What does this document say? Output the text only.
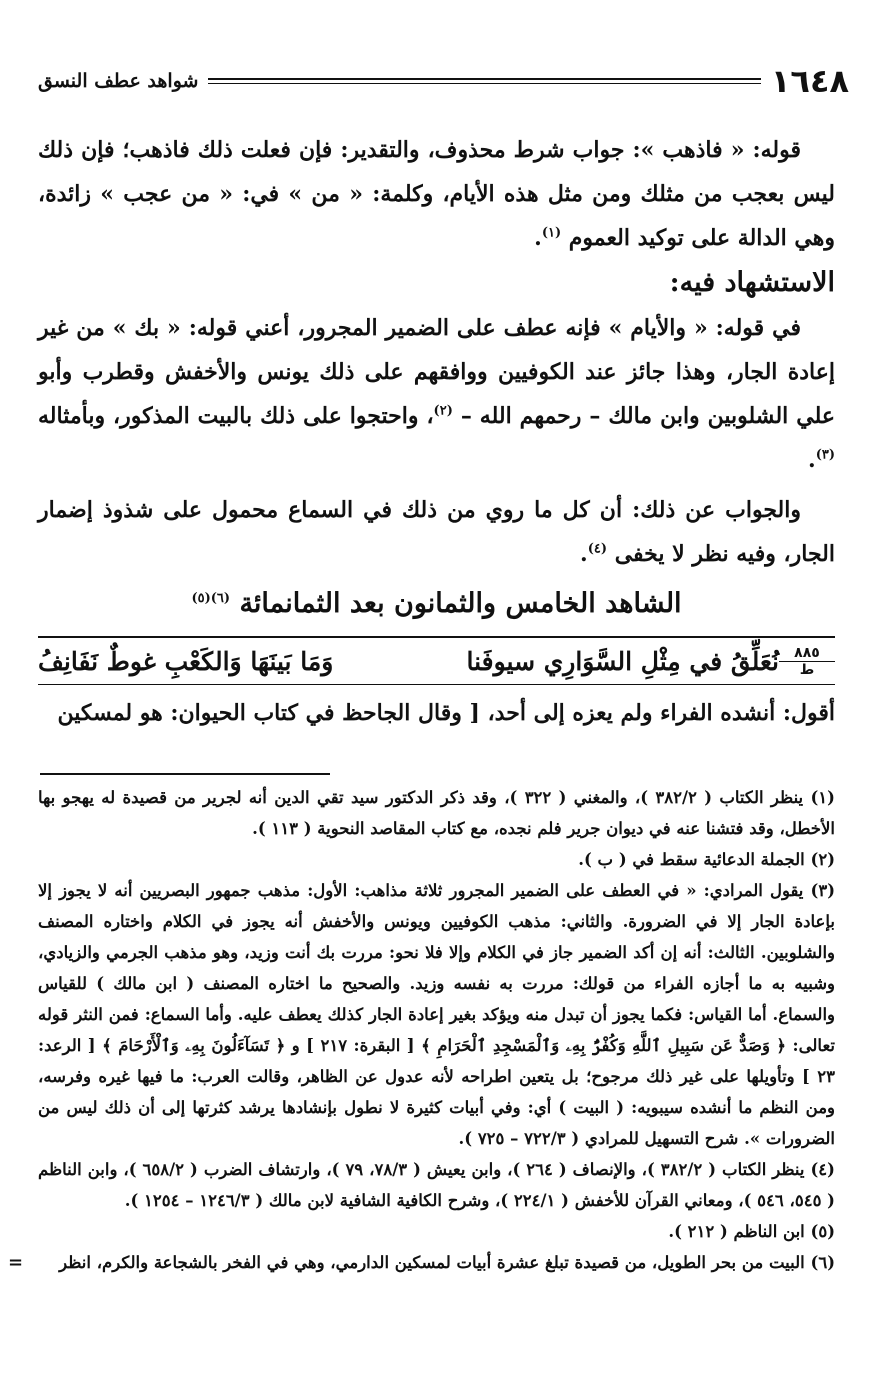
١٦٤٨
شواهد عطف النسق

قوله: « فاذهب »: جواب شرط محذوف، والتقدير: فإن فعلت ذلك فاذهب؛ فإن ذلك ليس بعجب من مثلك ومن مثل هذه الأيام، وكلمة: « من » في: « من عجب » زائدة، وهي الدالة على توكيد العموم $^{(١)}$.

الاستشهاد فيه:

في قوله: « والأيام » فإنه عطف على الضمير المجرور، أعني قوله: « بك » من غير إعادة الجار، وهذا جائز عند الكوفيين ووافقهم على ذلك يونس والأخفش وقطرب وأبو علي الشلوبين وابن مالك – رحمهم الله – $^{(٢)}$، واحتجوا على ذلك بالبيت المذكور، وبأمثاله $^{(٣)}$.

والجواب عن ذلك: أن كل ما روي من ذلك في السماع محمول على شذوذ إضمار الجار، وفيه نظر لا يخفى $^{(٤)}$.

الشاهد الخامس والثمانون بعد الثمانمائة $^{(٦)(٥)}$
٨٨٥
ط
نُعَلِّقُ في مِثْلِ السَّوَارِي سيوفَنا
وَمَا بَينَهَا وَالكَعْبِ غوطٌ نَفَانِفُ

أقول: أنشده الفراء ولم يعزه إلى أحد، [ وقال الجاحظ في كتاب الحيوان: هو لمسكين

(١) ينظر الكتاب ( ٣٨٢/٢ )، والمغني ( ٣٢٢ )، وقد ذكر الدكتور سيد تقي الدين أنه لجرير من قصيدة له يهجو بها الأخطل، وقد فتشنا عنه في ديوان جرير فلم نجده، مع كتاب المقاصد النحوية ( ١١٣ ).

(٢) الجملة الدعائية سقط في ( ب ).

(٣) يقول المرادي: « في العطف على الضمير المجرور ثلاثة مذاهب: الأول: مذهب جمهور البصريين أنه لا يجوز إلا بإعادة الجار إلا في الضرورة. والثاني: مذهب الكوفيين ويونس والأخفش أنه يجوز في الكلام واختاره المصنف والشلوبين. الثالث: أنه إن أكد الضمير جاز في الكلام وإلا فلا نحو: مررت بك أنت وزيد، وهو مذهب الجرمي والزيادي، وشبيه به ما أجازه الفراء من قولك: مررت به نفسه وزيد. والصحيح ما اختاره المصنف ( ابن مالك ) للقياس والسماع. أما القياس: فكما يجوز أن تبدل منه ويؤكد بغير إعادة الجار كذلك يعطف عليه. وأما السماع: فمن النثر قوله تعالى: ﴿ وَصَدٌّ عَن سَبِيلِ ٱللَّهِ وَكُفْرٌۢ بِهِۦ وَٱلْمَسْجِدِ ٱلْحَرَامِ ﴾ [ البقرة: ٢١٧ ] و ﴿ تَسَآءَلُونَ بِهِۦ وَٱلْأَرْحَامَ ﴾ [ الرعد: ٢٣ ] وتأويلها على غير ذلك مرجوح؛ بل يتعين اطراحه لأنه عدول عن الظاهر، وقالت العرب: ما فيها غيره وفرسه، ومن النظم ما أنشده سيبويه: ( البيت ) أي: وفي أبيات كثيرة لا نطول بإنشادها يرشد كثرتها إلى أن ذلك ليس من الضرورات ». شرح التسهيل للمرادي ( ٧٢٢/٣ – ٧٢٥ ).

(٤) ينظر الكتاب ( ٣٨٢/٢ )، والإنصاف ( ٢٦٤ )، وابن يعيش ( ٧٨/٣، ٧٩ )، وارتشاف الضرب ( ٦٥٨/٢ )، وابن الناظم ( ٥٤٥، ٥٤٦ )، ومعاني القرآن للأخفش ( ٢٢٤/١ )، وشرح الكافية الشافية لابن مالك ( ١٢٤٦/٣ – ١٢٥٤ ).

(٥) ابن الناظم ( ٢١٢ ).

(٦) البيت من بحر الطويل، من قصيدة تبلغ عشرة أبيات لمسكين الدارمي، وهي في الفخر بالشجاعة والكرم، انظر
=
